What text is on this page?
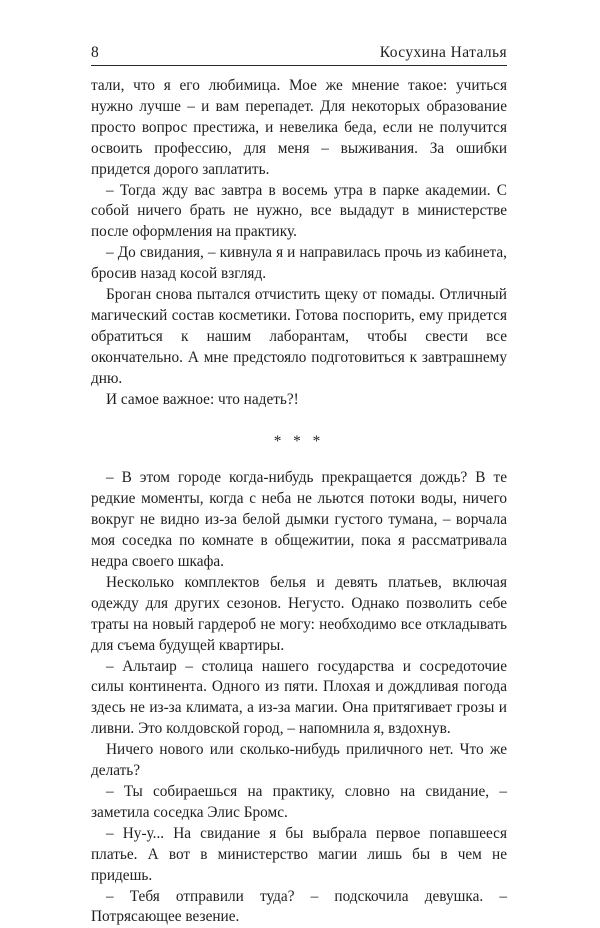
8	Косухина Наталья

тали, что я его любимица. Мое же мнение такое: учиться нужно лучше – и вам перепадет. Для некоторых образование просто вопрос престижа, и невелика беда, если не получится освоить профессию, для меня – выживания. За ошибки придется дорого заплатить.

– Тогда жду вас завтра в восемь утра в парке академии. С собой ничего брать не нужно, все выдадут в министерстве после оформления на практику.

– До свидания, – кивнула я и направилась прочь из кабинета, бросив назад косой взгляд.

Броган снова пытался отчистить щеку от помады. Отличный магический состав косметики. Готова поспорить, ему придется обратиться к нашим лаборантам, чтобы свести все окончательно. А мне предстояло подготовиться к завтрашнему дню.

И самое важное: что надеть?!

* * *

– В этом городе когда-нибудь прекращается дождь? В те редкие моменты, когда с неба не льются потоки воды, ничего вокруг не видно из-за белой дымки густого тумана, – ворчала моя соседка по комнате в общежитии, пока я рассматривала недра своего шкафа.

Несколько комплектов белья и девять платьев, включая одежду для других сезонов. Негусто. Однако позволить себе траты на новый гардероб не могу: необходимо все откладывать для съема будущей квартиры.

– Альтаир – столица нашего государства и сосредоточие силы континента. Одного из пяти. Плохая и дождливая погода здесь не из-за климата, а из-за магии. Она притягивает грозы и ливни. Это колдовской город, – напомнила я, вздохнув.

Ничего нового или сколько-нибудь приличного нет. Что же делать?

– Ты собираешься на практику, словно на свидание, – заметила соседка Элис Бромс.

– Ну-у... На свидание я бы выбрала первое попавшееся платье. А вот в министерство магии лишь бы в чем не придешь.

– Тебя отправили туда? – подскочила девушка. – Потрясающее везение.
